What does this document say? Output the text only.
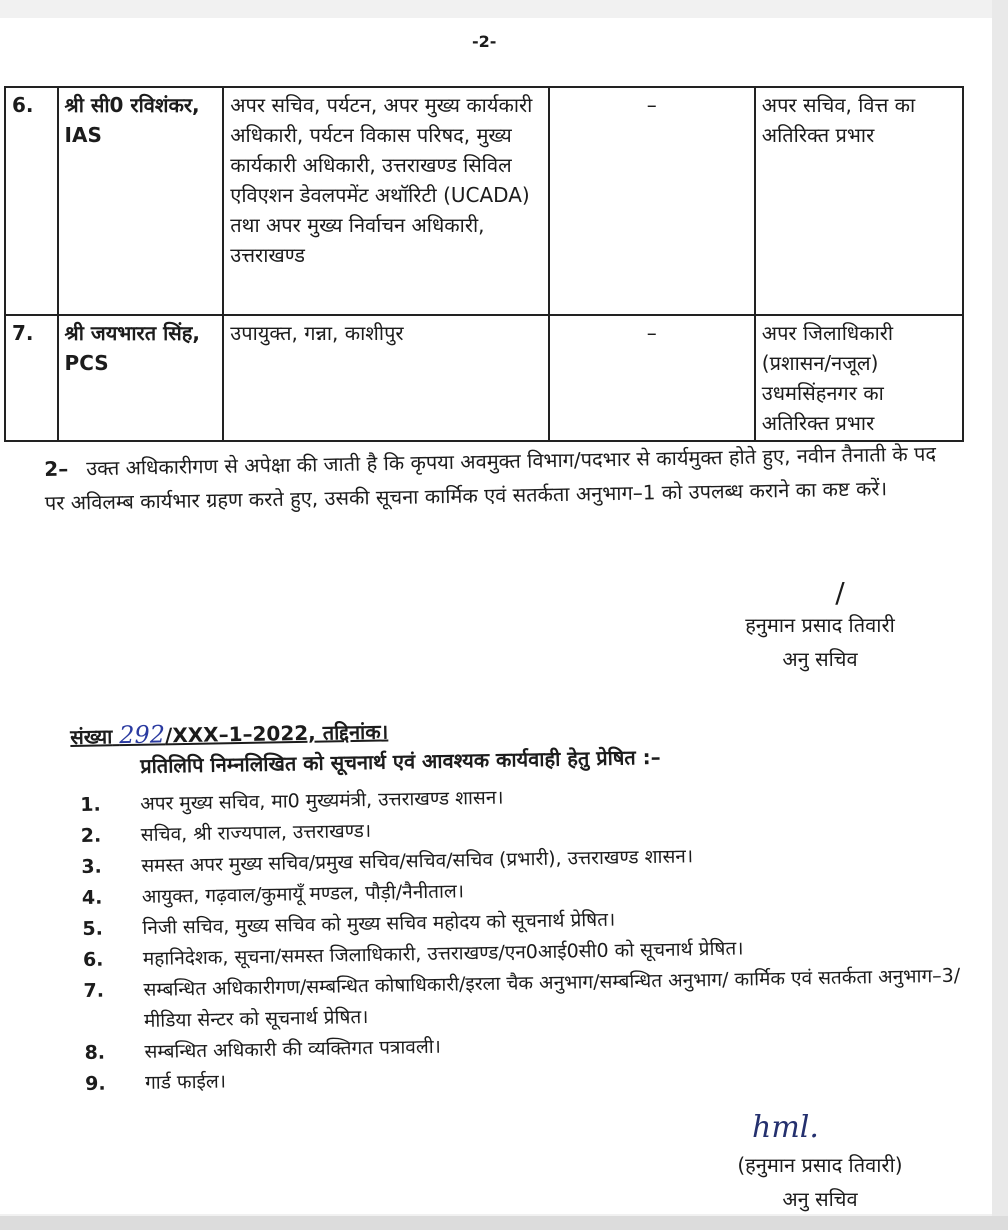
-2-
6.	श्री सी0 रविशंकर, IAS	अपर सचिव, पर्यटन, अपर मुख्य कार्यकारी अधिकारी, पर्यटन विकास परिषद, मुख्य कार्यकारी अधिकारी, उत्तराखण्ड सिविल एविएशन डेवलपमेंट अथॉरिटी (UCADA) तथा अपर मुख्य निर्वाचन अधिकारी, उत्तराखण्ड	–	अपर सचिव, वित्त का अतिरिक्त प्रभार
7.	श्री जयभारत सिंह, PCS	उपायुक्त, गन्ना, काशीपुर	–	अपर जिलाधिकारी (प्रशासन/नजूल) उधमसिंहनगर का अतिरिक्त प्रभार
2– उक्त अधिकारीगण से अपेक्षा की जाती है कि कृपया अवमुक्त विभाग/पदभार से कार्यमुक्त होते हुए, नवीन तैनाती के पद पर अविलम्ब कार्यभार ग्रहण करते हुए, उसकी सूचना कार्मिक एवं सतर्कता अनुभाग–1 को उपलब्ध कराने का कष्ट करें।
/
हनुमान प्रसाद तिवारी
अनु सचिव
संख्या 292/XXX–1–2022, तद्दिनांक।
प्रतिलिपि निम्नलिखित को सूचनार्थ एवं आवश्यक कार्यवाही हेतु प्रेषित :–
1.	अपर मुख्य सचिव, मा0 मुख्यमंत्री, उत्तराखण्ड शासन।
2.	सचिव, श्री राज्यपाल, उत्तराखण्ड।
3.	समस्त अपर मुख्य सचिव/प्रमुख सचिव/सचिव/सचिव (प्रभारी), उत्तराखण्ड शासन।
4.	आयुक्त, गढ़वाल/कुमायूँ मण्डल, पौड़ी/नैनीताल।
5.	निजी सचिव, मुख्य सचिव को मुख्य सचिव महोदय को सूचनार्थ प्रेषित।
6.	महानिदेशक, सूचना/समस्त जिलाधिकारी, उत्तराखण्ड/एन0आई0सी0 को सूचनार्थ प्रेषित।
7.	सम्बन्धित अधिकारीगण/सम्बन्धित कोषाधिकारी/इरला चैक अनुभाग/सम्बन्धित अनुभाग/ कार्मिक एवं सतर्कता अनुभाग–3/मीडिया सेन्टर को सूचनार्थ प्रेषित।
8.	सम्बन्धित अधिकारी की व्यक्तिगत पत्रावली।
9.	गार्ड फाईल।
hml.
(हनुमान प्रसाद तिवारी)
अनु सचिव
